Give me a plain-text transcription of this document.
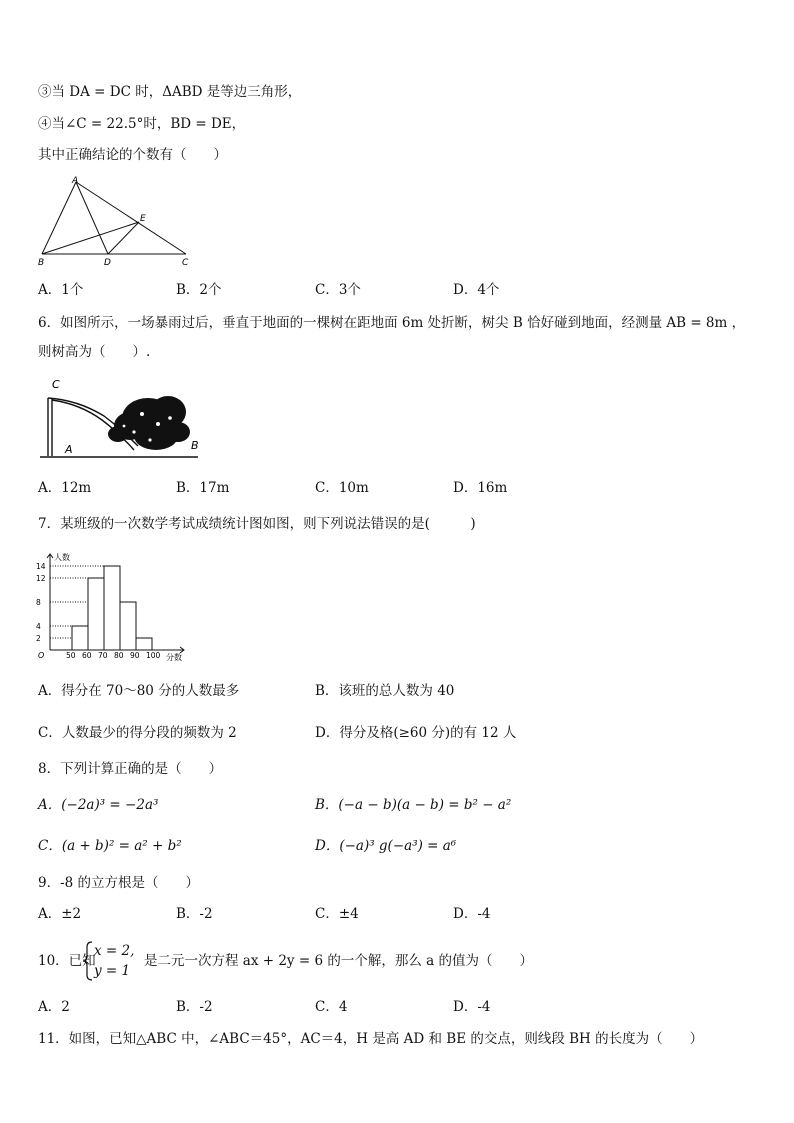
③当 DA = DC 时，ΔABD 是等边三角形，
④当∠C = 22.5°时，BD = DE，
其中正确结论的个数有（　　）
A
B	D	C
E
A．1个	B．2个	C．3个	D．4个
6．如图所示，一场暴雨过后，垂直于地面的一棵树在距地面 6m 处折断，树尖 B 恰好碰到地面，经测量 AB = 8m ，
则树高为（　　）.
C
A	B
A．12m	B．17m	C．10m	D．16m
7．某班级的一次数学考试成绩统计图如图，则下列说法错误的是(　　　)
50 60 70 80 90 100
2
4
8
12
14
人数
分数
O
A．得分在 70～80 分的人数最多	B．该班的总人数为 40
C．人数最少的得分段的频数为 2	D．得分及格(≥60 分)的有 12 人
8．下列计算正确的是（　　）
A．(−2a)³ = −2a³	B．(−a − b)(a − b) = b² − a²
C．(a + b)² = a² + b²	D．(−a)³ g(−a³) = a⁶
9．-8 的立方根是（　　）
A．±2	B．-2	C．±4	D．-4
10．已知
x = 2,
y = 1
是二元一次方程 ax + 2y = 6 的一个解，那么 a 的值为（　　）
A．2	B．-2	C．4	D．-4
11．如图，已知△ABC 中，∠ABC＝45°，AC＝4，H 是高 AD 和 BE 的交点，则线段 BH 的长度为（　　）
